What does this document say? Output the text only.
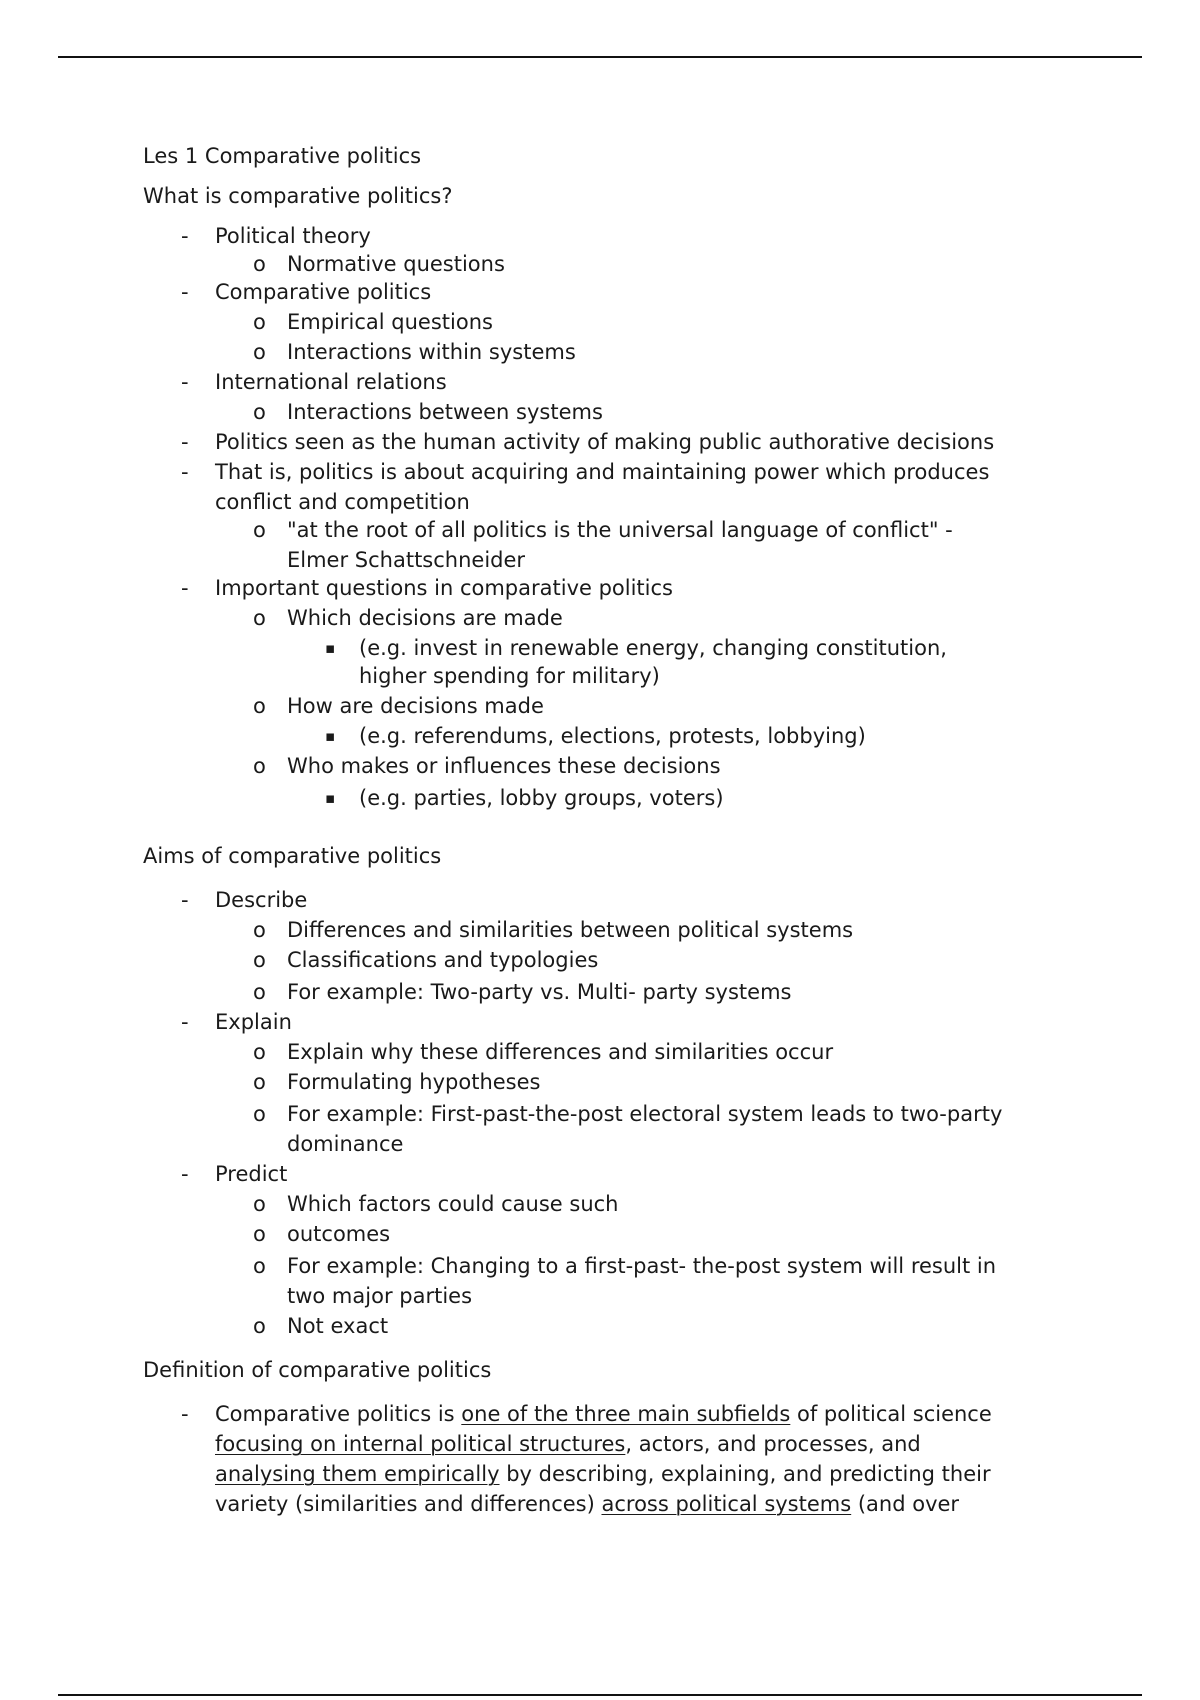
Les 1 Comparative politics
What is comparative politics?
- Political theory
o Normative questions
- Comparative politics
o Empirical questions
o Interactions within systems
- International relations
o Interactions between systems
- Politics seen as the human activity of making public authorative decisions
- That is, politics is about acquiring and maintaining power which produces
conflict and competition
o "at the root of all politics is the universal language of conflict" -
Elmer Schattschneider
- Important questions in comparative politics
o Which decisions are made
▪ (e.g. invest in renewable energy, changing constitution,
higher spending for military)
o How are decisions made
▪ (e.g. referendums, elections, protests, lobbying)
o Who makes or influences these decisions
▪ (e.g. parties, lobby groups, voters)
Aims of comparative politics
- Describe
o Differences and similarities between political systems
o Classifications and typologies
o For example: Two-party vs. Multi- party systems
- Explain
o Explain why these differences and similarities occur
o Formulating hypotheses
o For example: First-past-the-post electoral system leads to two-party
dominance
- Predict
o Which factors could cause such
o outcomes
o For example: Changing to a first-past- the-post system will result in
two major parties
o Not exact
Definition of comparative politics
- Comparative politics is one of the three main subfields of political science
focusing on internal political structures, actors, and processes, and
analysing them empirically by describing, explaining, and predicting their
variety (similarities and differences) across political systems (and over
